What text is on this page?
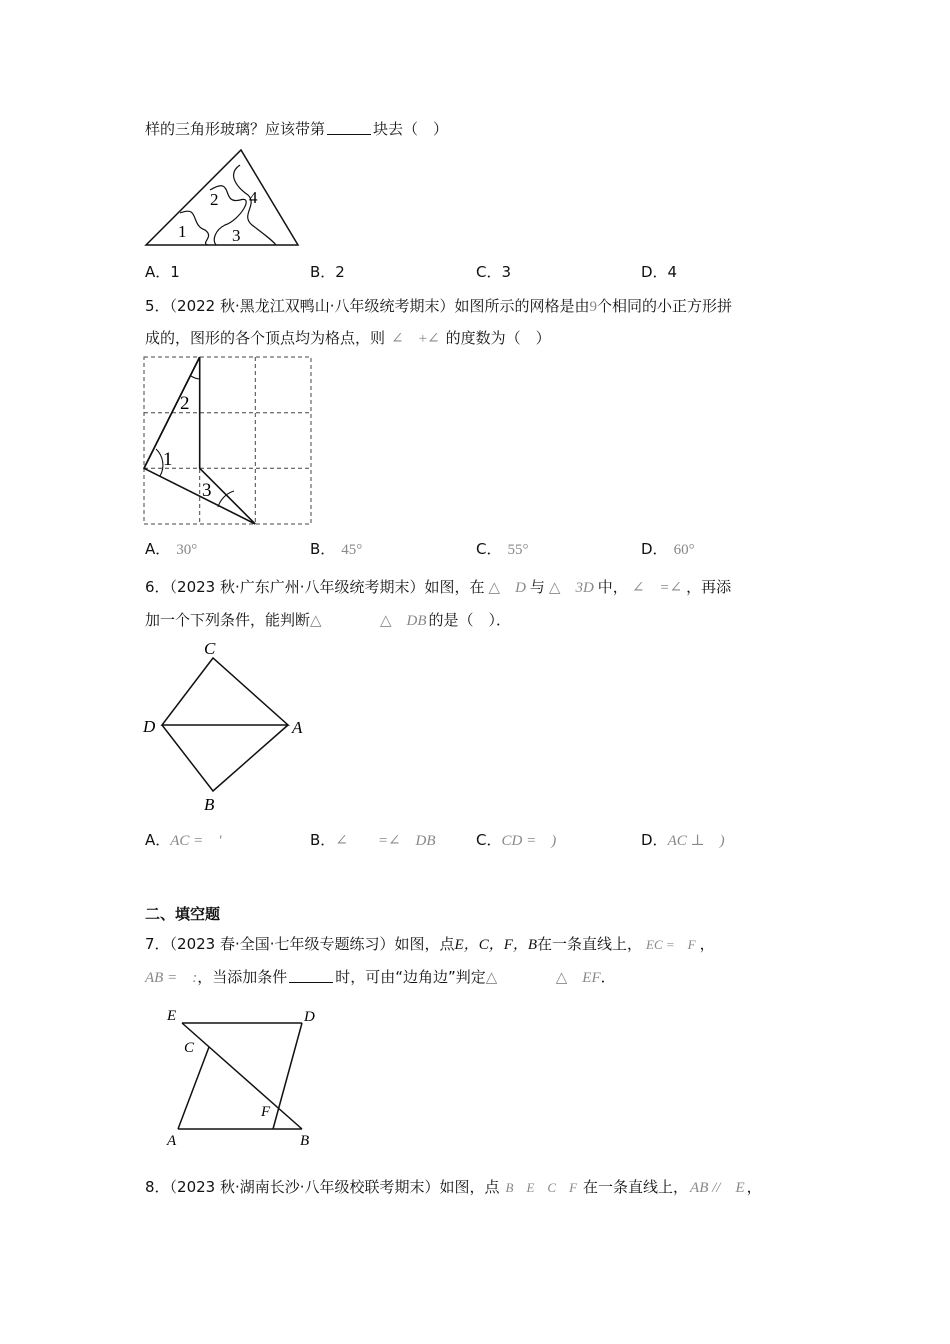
样的三角形玻璃？应该带第	块去（　）
1
2
3
4
A．1	B．2	C．3	D．4
5．（2022 秋·黑龙江双鸭山·八年级统考期末）如图所示的网格是由9个相同的小正方形拼
成的，图形的各个顶点均为格点，则 ∠　+∠ 的度数为（　）
2
1
3
A． 30°	B． 45°	C． 55°	D． 60°
6．（2023 秋·广东广州·八年级统考期末）如图，在 △　D 与 △　3D 中， ∠　=∠ ，再添
加一个下列条件，能判断△	△　DB 的是（　）．
C
D	A
B
A．AC =　'	B．∠　　=∠　DB	C．CD =　)	D．AC ⊥　)
二、填空题
7．（2023 春·全国·七年级专题练习）如图，点E，C，F，B在一条直线上， EC =　F ，
AB =　:，当添加条件	时，可由“边角边”判定△	△　EF．
E	D
C
F
A	B
8．（2023 秋·湖南长沙·八年级校联考期末）如图，点 B　E　C　F 在一条直线上， AB //　E ，
